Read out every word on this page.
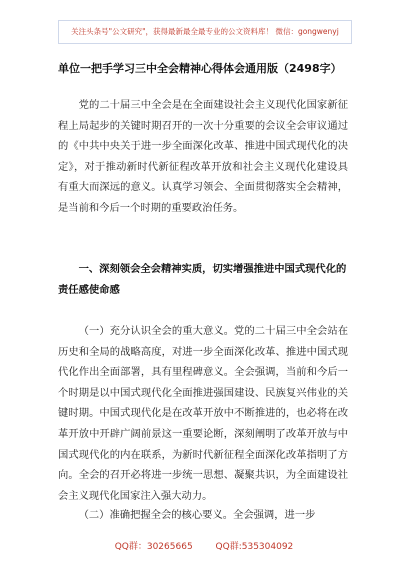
关注头条号"公文研究"，获得最新最全最专业的公文资料库！ 微信：gongwenyj
单位一把手学习三中全会精神心得体会通用版（2498字）
党的二十届三中全会是在全面建设社会主义现代化国家新征程上局起步的关键时期召开的一次十分重要的会议全会审议通过的《中共中央关于进一步全面深化改革、推进中国式现代化的决定》，对于推动新时代新征程改革开放和社会主义现代化建设具有重大而深远的意义。认真学习领会、全面贯彻落实全会精神，是当前和今后一个时期的重要政治任务。
一、深刻领会全会精神实质，切实增强推进中国式现代化的责任感使命感
（一）充分认识全会的重大意义。党的二十届三中全会站在历史和全局的战略高度，对进一步全面深化改革、推进中国式现代化作出全面部署，具有里程碑意义。全会强调，当前和今后一个时期是以中国式现代化全面推进强国建设、民族复兴伟业的关键时期。中国式现代化是在改革开放中不断推进的，也必将在改革开放中开辟广阔前景这一重要论断，深刻阐明了改革开放与中国式现代化的内在联系，为新时代新征程全面深化改革指明了方向。全会的召开必将进一步统一思想、凝聚共识，为全面建设社会主义现代化国家注入强大动力。
（二）准确把握全会的核心要义。全会强调，进一步
QQ群：30265665	QQ群:535304092
